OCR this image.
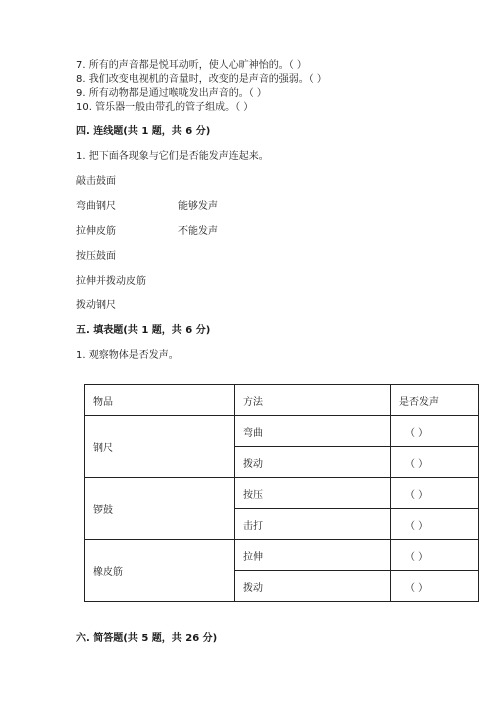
7. 所有的声音都是悦耳动听，使人心旷神怡的。（ ）
8. 我们改变电视机的音量时，改变的是声音的强弱。（ ）
9. 所有动物都是通过喉咙发出声音的。（ ）
10. 管乐器一般由带孔的管子组成。（ ）
四. 连线题(共 1 题，共 6 分)
1. 把下面各现象与它们是否能发声连起来。
敲击鼓面
弯曲钢尺
拉伸皮筋
按压鼓面
拉伸并拨动皮筋
拨动钢尺
能够发声
不能发声
五. 填表题(共 1 题，共 6 分)
1. 观察物体是否发声。
物品	方法	是否发声
钢尺	弯曲	（ ）
	拨动	（ ）
锣鼓	按压	（ ）
	击打	（ ）
橡皮筋	拉伸	（ ）
	拨动	（ ）
六. 简答题(共 5 题，共 26 分)
